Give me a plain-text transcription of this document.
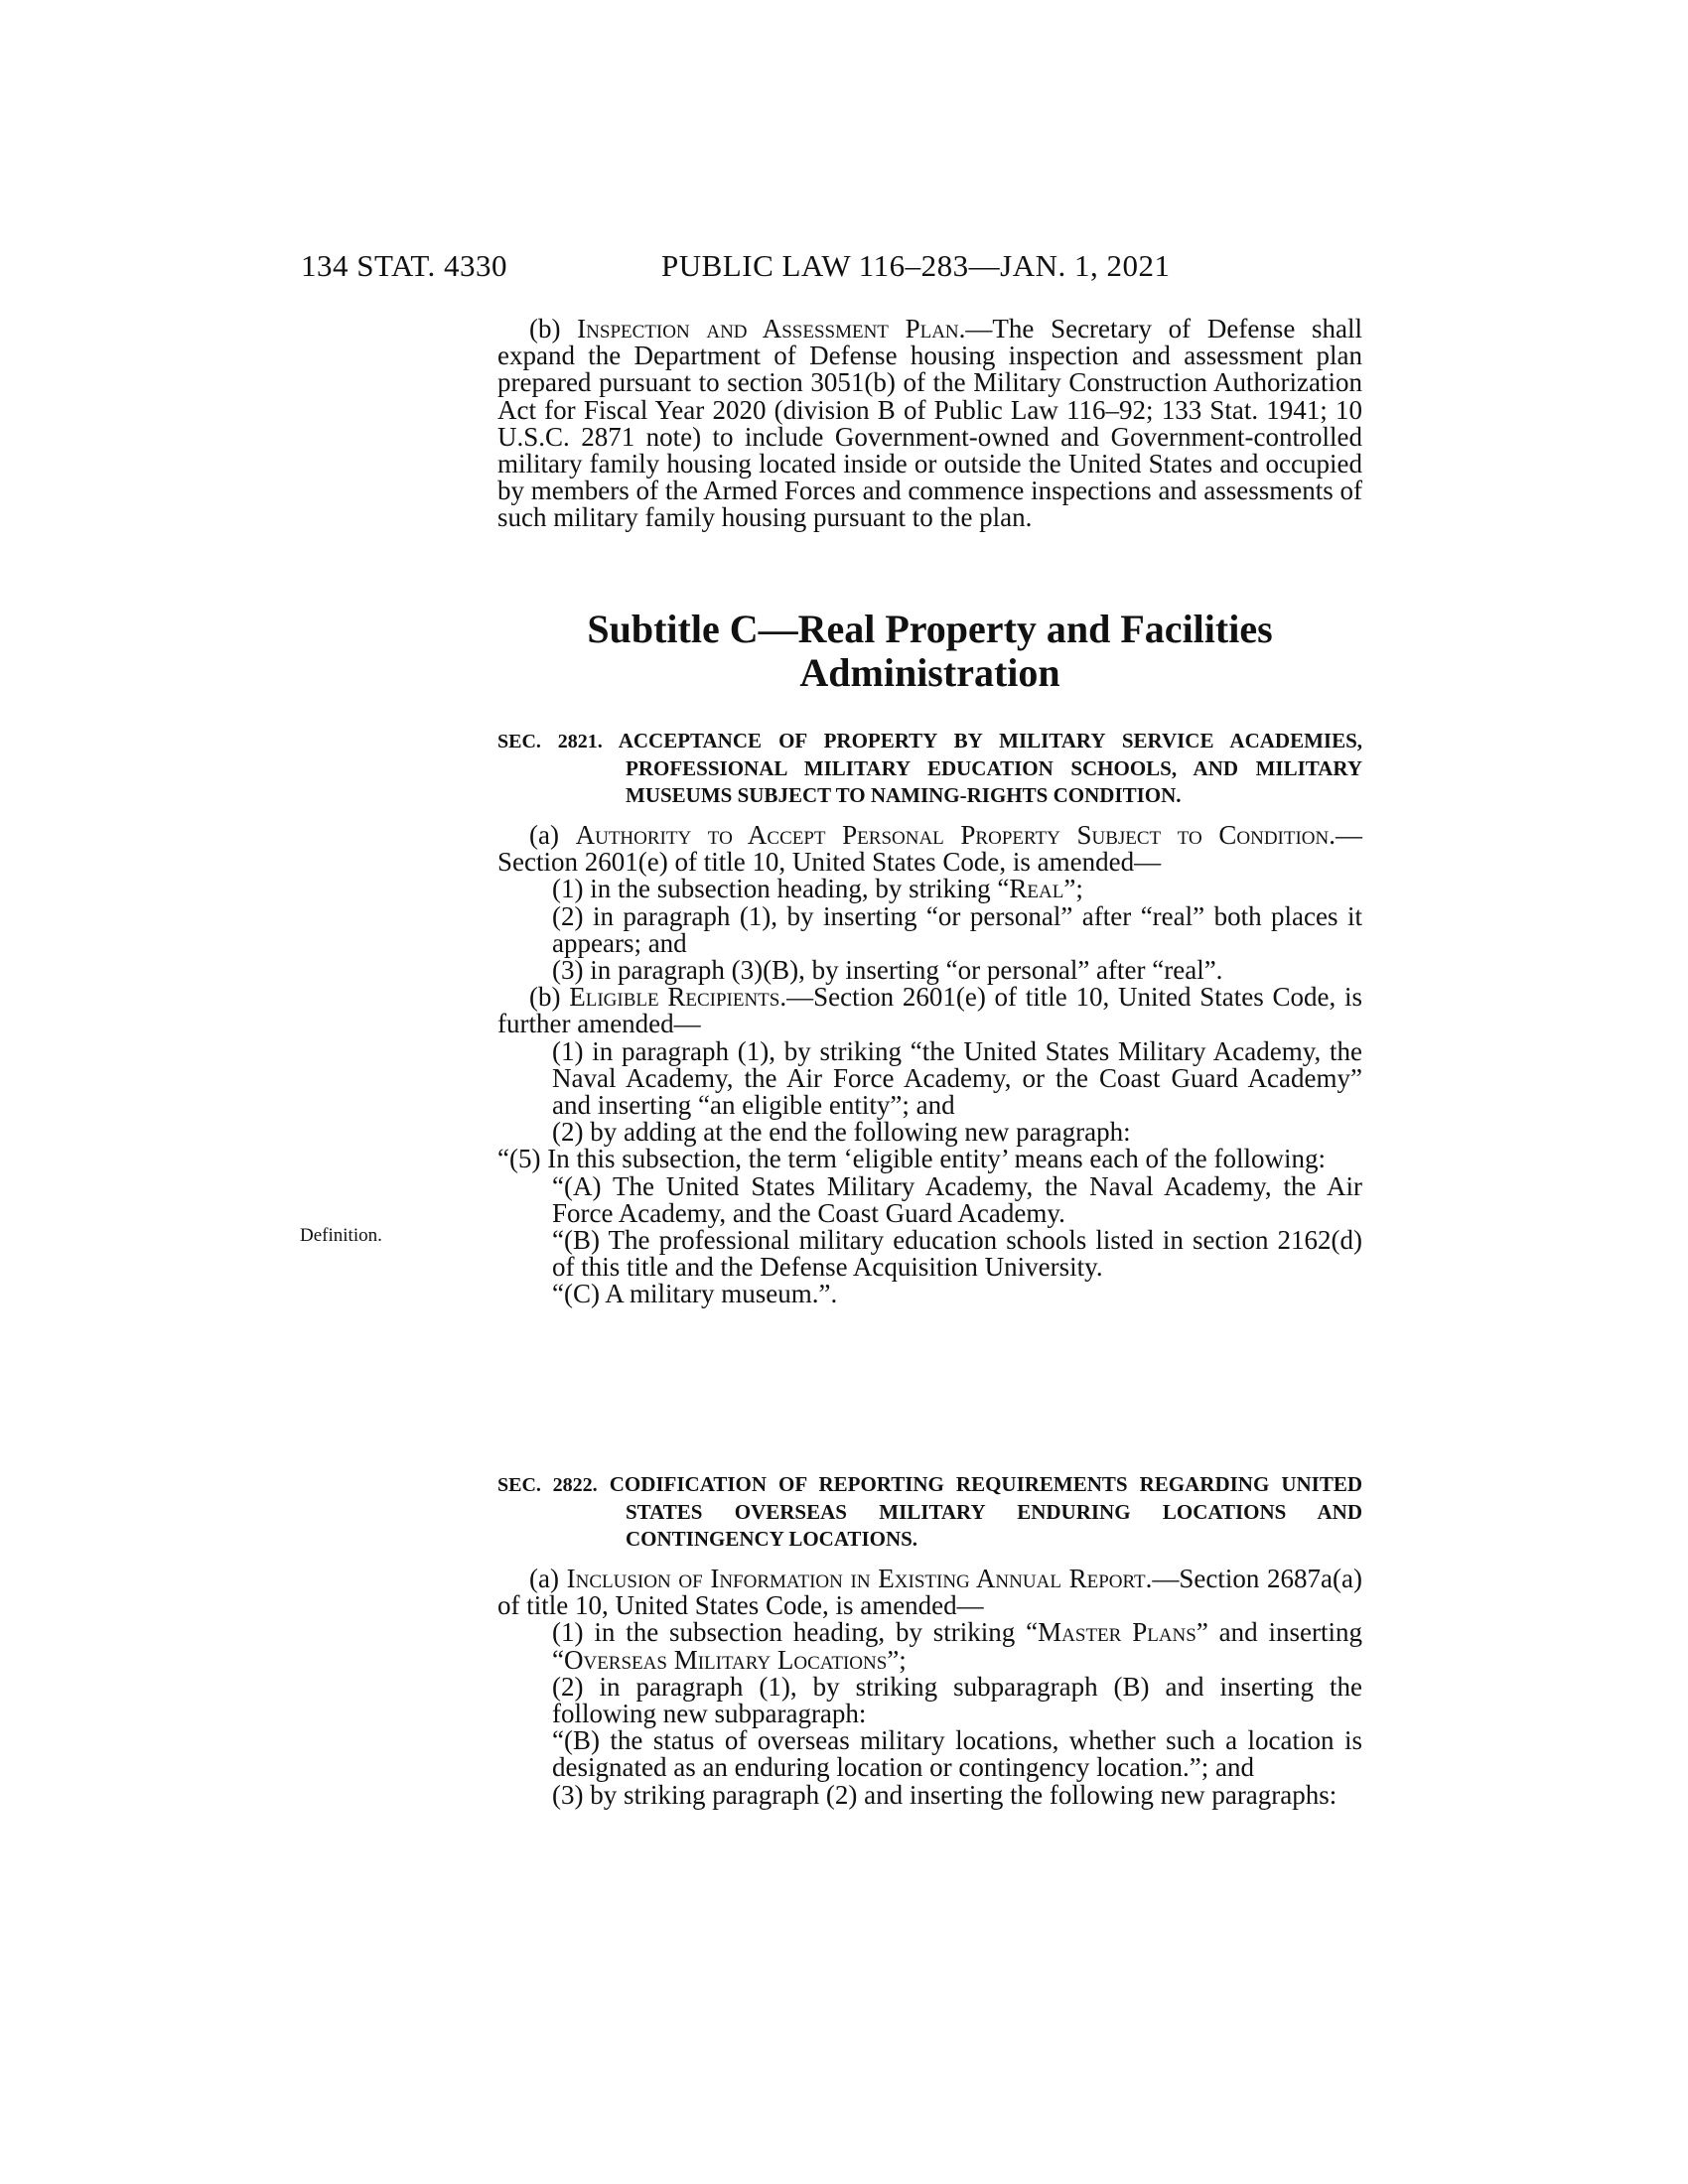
134 STAT. 4330	PUBLIC LAW 116–283—JAN. 1, 2021

(b) Inspection and Assessment Plan.—The Secretary of Defense shall expand the Department of Defense housing inspection and assessment plan prepared pursuant to section 3051(b) of the Military Construction Authorization Act for Fiscal Year 2020 (division B of Public Law 116–92; 133 Stat. 1941; 10 U.S.C. 2871 note) to include Government-owned and Government-controlled military family housing located inside or outside the United States and occupied by members of the Armed Forces and commence inspections and assessments of such military family housing pursuant to the plan.

Subtitle C—Real Property and Facilities
Administration

SEC. 2821. ACCEPTANCE OF PROPERTY BY MILITARY SERVICE ACADEMIES, PROFESSIONAL MILITARY EDUCATION SCHOOLS, AND MILITARY MUSEUMS SUBJECT TO NAMING-RIGHTS CONDITION.

(a) Authority to Accept Personal Property Subject to Condition.—Section 2601(e) of title 10, United States Code, is amended—

(1) in the subsection heading, by striking “Real”;

(2) in paragraph (1), by inserting “or personal” after “real” both places it appears; and

(3) in paragraph (3)(B), by inserting “or personal” after “real”.

(b) Eligible Recipients.—Section 2601(e) of title 10, United States Code, is further amended—

(1) in paragraph (1), by striking “the United States Military Academy, the Naval Academy, the Air Force Academy, or the Coast Guard Academy” and inserting “an eligible entity”; and

(2) by adding at the end the following new paragraph:

“(5) In this subsection, the term ‘eligible entity’ means each of the following:

“(A) The United States Military Academy, the Naval Academy, the Air Force Academy, and the Coast Guard Academy.

“(B) The professional military education schools listed in section 2162(d) of this title and the Defense Acquisition University.

“(C) A military museum.”.

Definition.

SEC. 2822. CODIFICATION OF REPORTING REQUIREMENTS REGARDING UNITED STATES OVERSEAS MILITARY ENDURING LOCATIONS AND CONTINGENCY LOCATIONS.

(a) Inclusion of Information in Existing Annual Report.—Section 2687a(a) of title 10, United States Code, is amended—

(1) in the subsection heading, by striking “Master Plans” and inserting “Overseas Military Locations”;

(2) in paragraph (1), by striking subparagraph (B) and inserting the following new subparagraph:

“(B) the status of overseas military locations, whether such a location is designated as an enduring location or contingency location.”; and

(3) by striking paragraph (2) and inserting the following new paragraphs:
